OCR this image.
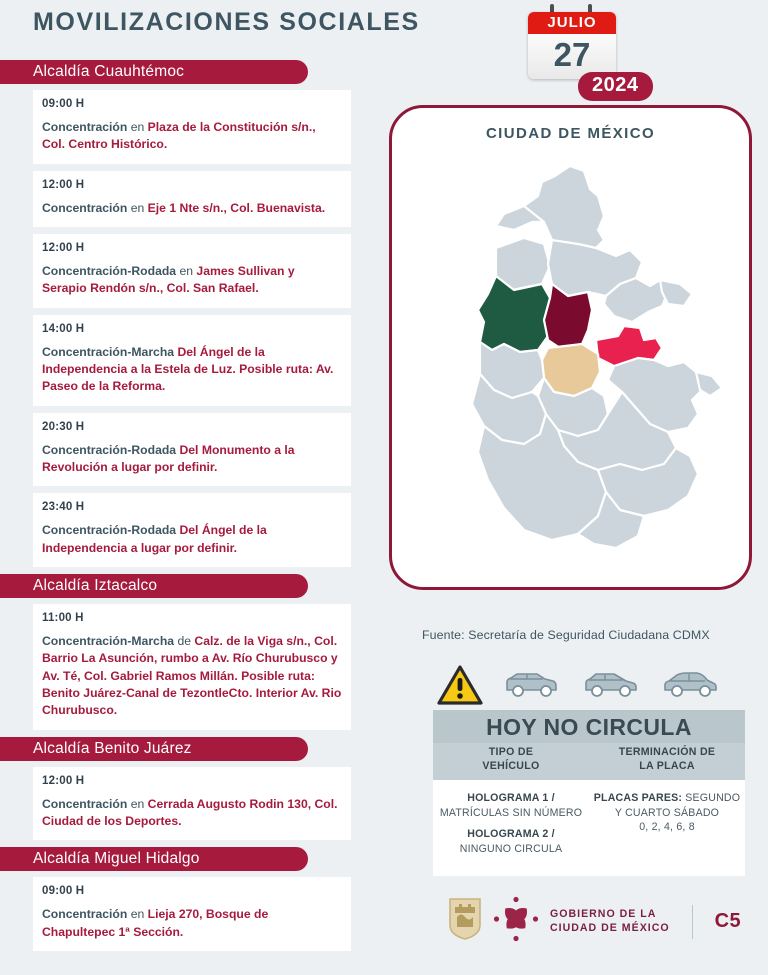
MOVILIZACIONES SOCIALES	JULIO
27
2024
Alcaldía Cuauhtémoc
09:00 H
Concentración en Plaza de la Constitución s/n., Col. Centro Histórico.
12:00 H
Concentración en Eje 1 Nte s/n., Col. Buenavista.
12:00 H
Concentración-Rodada en James Sullivan y Serapio Rendón s/n., Col. San Rafael.
14:00 H
Concentración-Marcha Del Ángel de la Independencia a la Estela de Luz. Posible ruta: Av. Paseo de la Reforma.
20:30 H
Concentración-Rodada Del Monumento a la Revolución a lugar por definir.
23:40 H
Concentración-Rodada Del Ángel de la Independencia a lugar por definir.
Alcaldía Iztacalco
11:00 H
Concentración-Marcha de Calz. de la Viga s/n., Col. Barrio La Asunción, rumbo a Av. Río Churubusco y Av. Té, Col. Gabriel Ramos Millán. Posible ruta: Benito Juárez-Canal de TezontleCto. Interior Av. Rio Churubusco.
Alcaldía Benito Juárez
12:00 H
Concentración en Cerrada Augusto Rodin 130, Col. Ciudad de los Deportes.
Alcaldía Miguel Hidalgo
09:00 H
Concentración en Lieja 270, Bosque de Chapultepec 1ª Sección.
CIUDAD DE MÉXICO
Fuente: Secretaría de Seguridad Ciudadana CDMX
HOY NO CIRCULA
TIPO DE
VEHÍCULO
TERMINACIÓN DE
LA PLACA
HOLOGRAMA 1 /
MATRÍCULAS SIN NÚMERO
HOLOGRAMA 2 /
NINGUNO CIRCULA
PLACAS PARES: SEGUNDO Y CUARTO SÁBADO
0, 2, 4, 6, 8
GOBIERNO DE LA
CIUDAD DE MÉXICO C5
